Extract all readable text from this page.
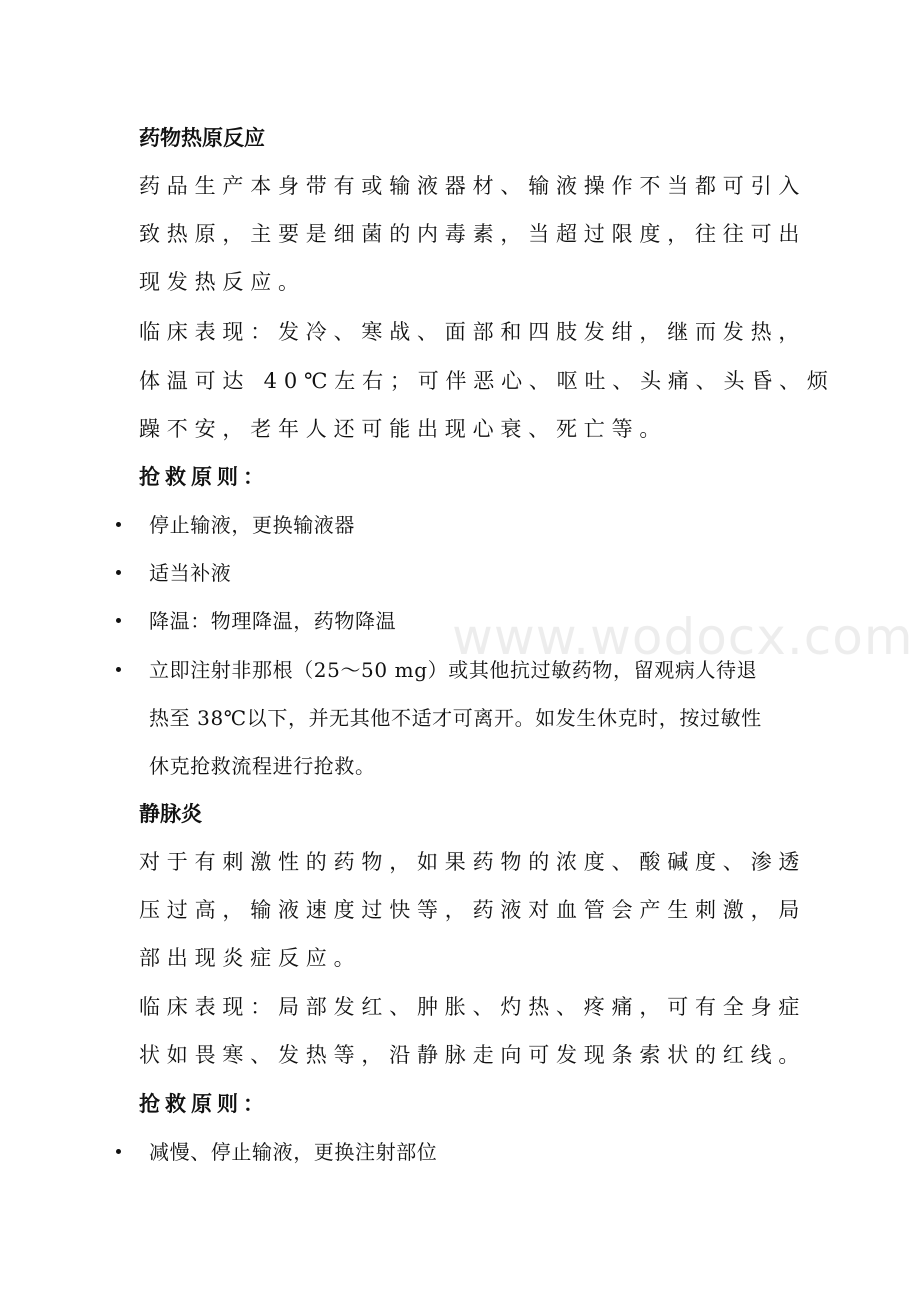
www.wodocx.com
药物热原反应
药品生产本身带有或输液器材、输液操作不当都可引入
致热原，主要是细菌的内毒素，当超过限度，往往可出
现发热反应。
临床表现：发冷、寒战、面部和四肢发绀，继而发热，
体温可达 40℃左右；可伴恶心、呕吐、头痛、头昏、烦
躁不安，老年人还可能出现心衰、死亡等。
抢救原则：
停止输液，更换输液器
适当补液
降温：物理降温，药物降温
立即注射非那根（25～50 mg）或其他抗过敏药物，留观病人待退
热至 38℃以下，并无其他不适才可离开。如发生休克时，按过敏性
休克抢救流程进行抢救。
静脉炎
对于有刺激性的药物，如果药物的浓度、酸碱度、渗透
压过高，输液速度过快等，药液对血管会产生刺激，局
部出现炎症反应。
临床表现：局部发红、肿胀、灼热、疼痛，可有全身症
状如畏寒、发热等，沿静脉走向可发现条索状的红线。
抢救原则：
减慢、停止输液，更换注射部位
